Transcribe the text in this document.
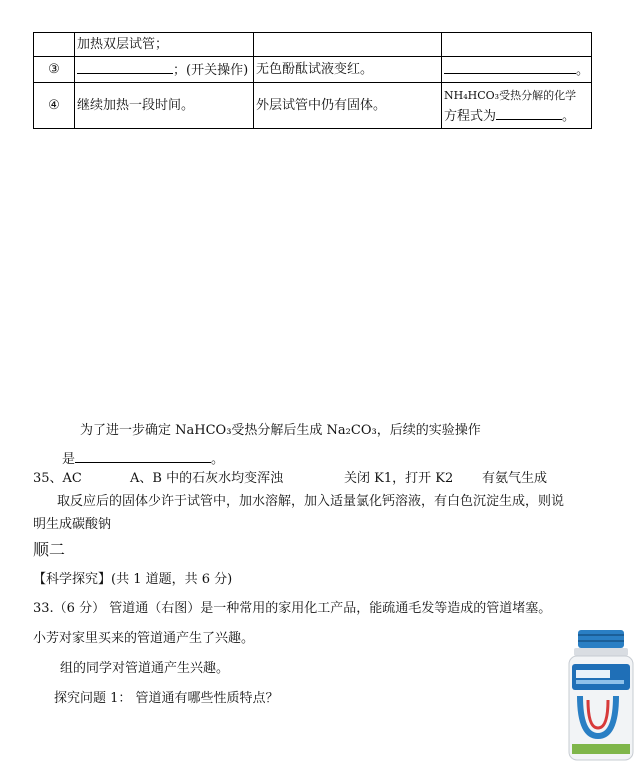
	加热双层试管；		
③	；(开关操作)	无色酚酞试液变红。	。
④	继续加热一段时间。	外层试管中仍有固体。	NH₄HCO₃受热分解的化学
方程式为 。
为了进一步确定 NaHCO₃受热分解后生成 Na₂CO₃，后续的实验操作
是	。
35、AC	A、B 中的石灰水均变浑浊	关闭 K1，打开 K2 有氨气生成
取反应后的固体少许于试管中，加水溶解，加入适量氯化钙溶液，有白色沉淀生成，则说
明生成碳酸钠
顺二
【科学探究】(共 1 道题，共 6 分)
33.（6 分） 管道通（右图）是一种常用的家用化工产品，能疏通毛发等造成的管道堵塞。
小芳对家里买来的管道通产生了兴趣。
组的同学对管道通产生兴趣。
探究问题 1： 管道通有哪些性质特点？
